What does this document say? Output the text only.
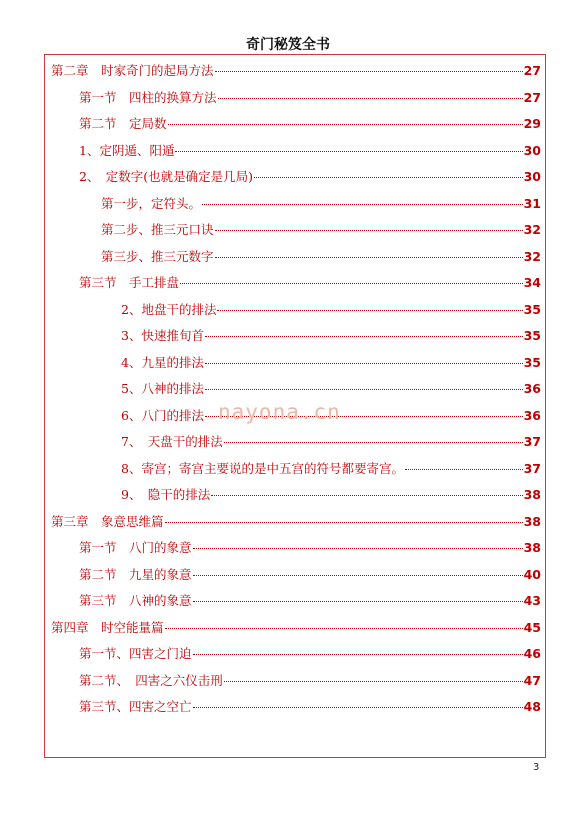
奇门秘笈全书
第二章　时家奇门的起局方法	27
第一节　四柱的换算方法	27
第二节　定局数	29
1、定阴遁、阳遁	30
2、　定数字(也就是确定是几局)	30
第一步，定符头。	31
第二步、推三元口诀	32
第三步、推三元数字	32
第三节　手工排盘	34
2、地盘干的排法	35
3、快速推旬首	35
4、九星的排法	35
5、八神的排法	36
6、八门的排法	36
7、　天盘干的排法	37
8、寄宫；寄宫主要说的是中五宫的符号都要寄宫。	37
9、　隐干的排法	38
第三章　象意思维篇	38
第一节　八门的象意	38
第二节　九星的象意	40
第三节　八神的象意	43
第四章　时空能量篇	45
第一节、四害之门迫	46
第二节、　四害之六仪击刑	47
第三节、四害之空亡	48
nayona.cn
3
